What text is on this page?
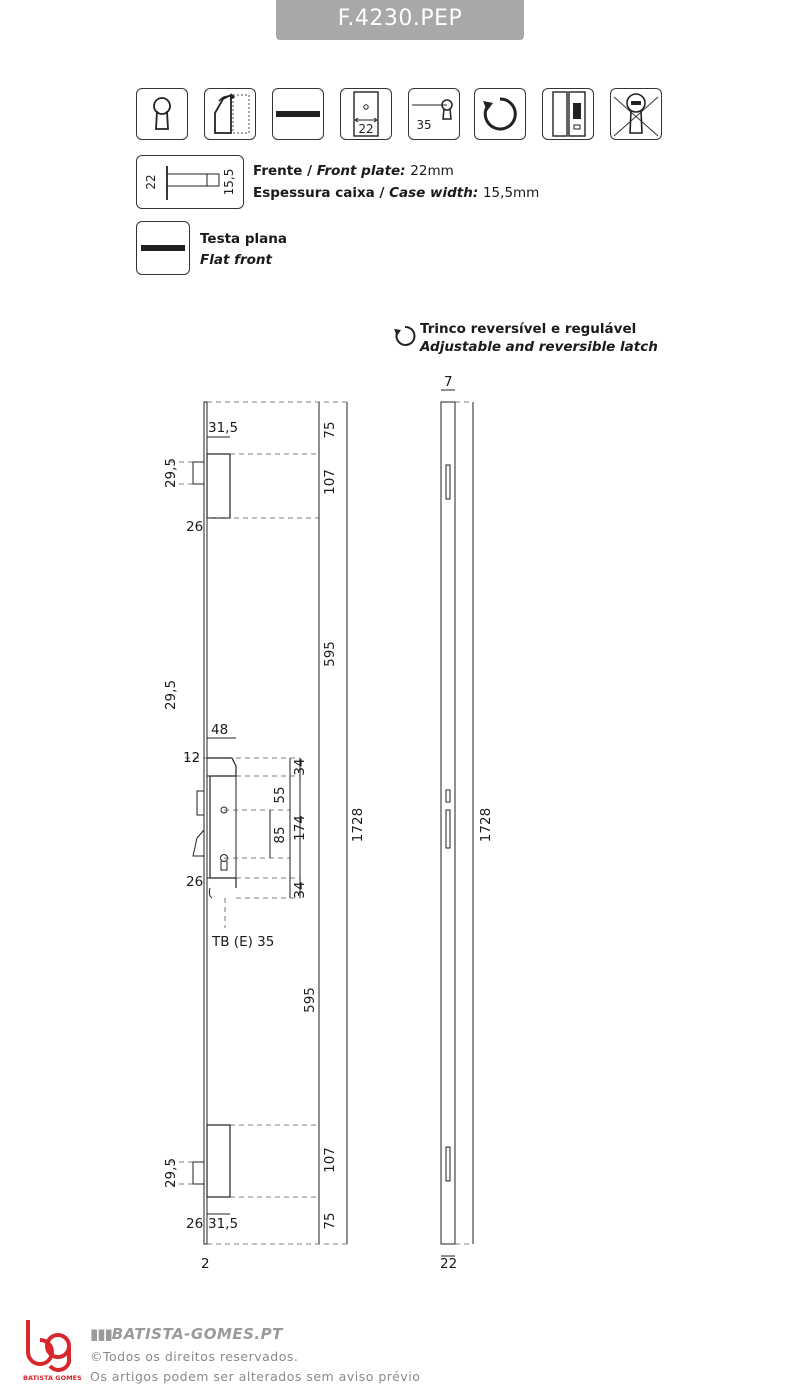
F.4230.PEP
22	35
22	15,5 Frente / Front plate: 22mm
Espessura caixa / Case width: 15,5mm
Testa plana
Flat front
Trinco reversível e regulável
Adjustable and reversible latch
31,5	75
29,5	107
26
595
29,5
48
12
34
55
85 174	1728
26	34
TB (E) 35
595
29,5	107
26 31,5	75
2
7
1728
22
BATISTA GOMES
▮▮▮BATISTA-GOMES.PT
©Todos os direitos reservados.
Os artigos podem ser alterados sem aviso prévio
